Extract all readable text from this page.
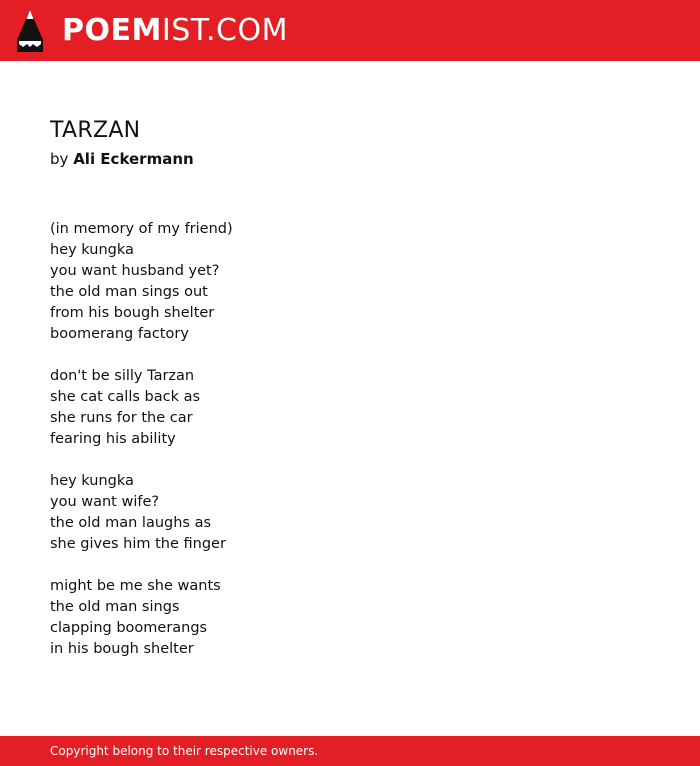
POEMIST.COM
TARZAN
by Ali Eckermann
(in memory of my friend)
hey kungka
you want husband yet?
the old man sings out
from his bough shelter
boomerang factory
don't be silly Tarzan
she cat calls back as
she runs for the car
fearing his ability
hey kungka
you want wife?
the old man laughs as
she gives him the finger
might be me she wants
the old man sings
clapping boomerangs
in his bough shelter
Copyright belong to their respective owners.
